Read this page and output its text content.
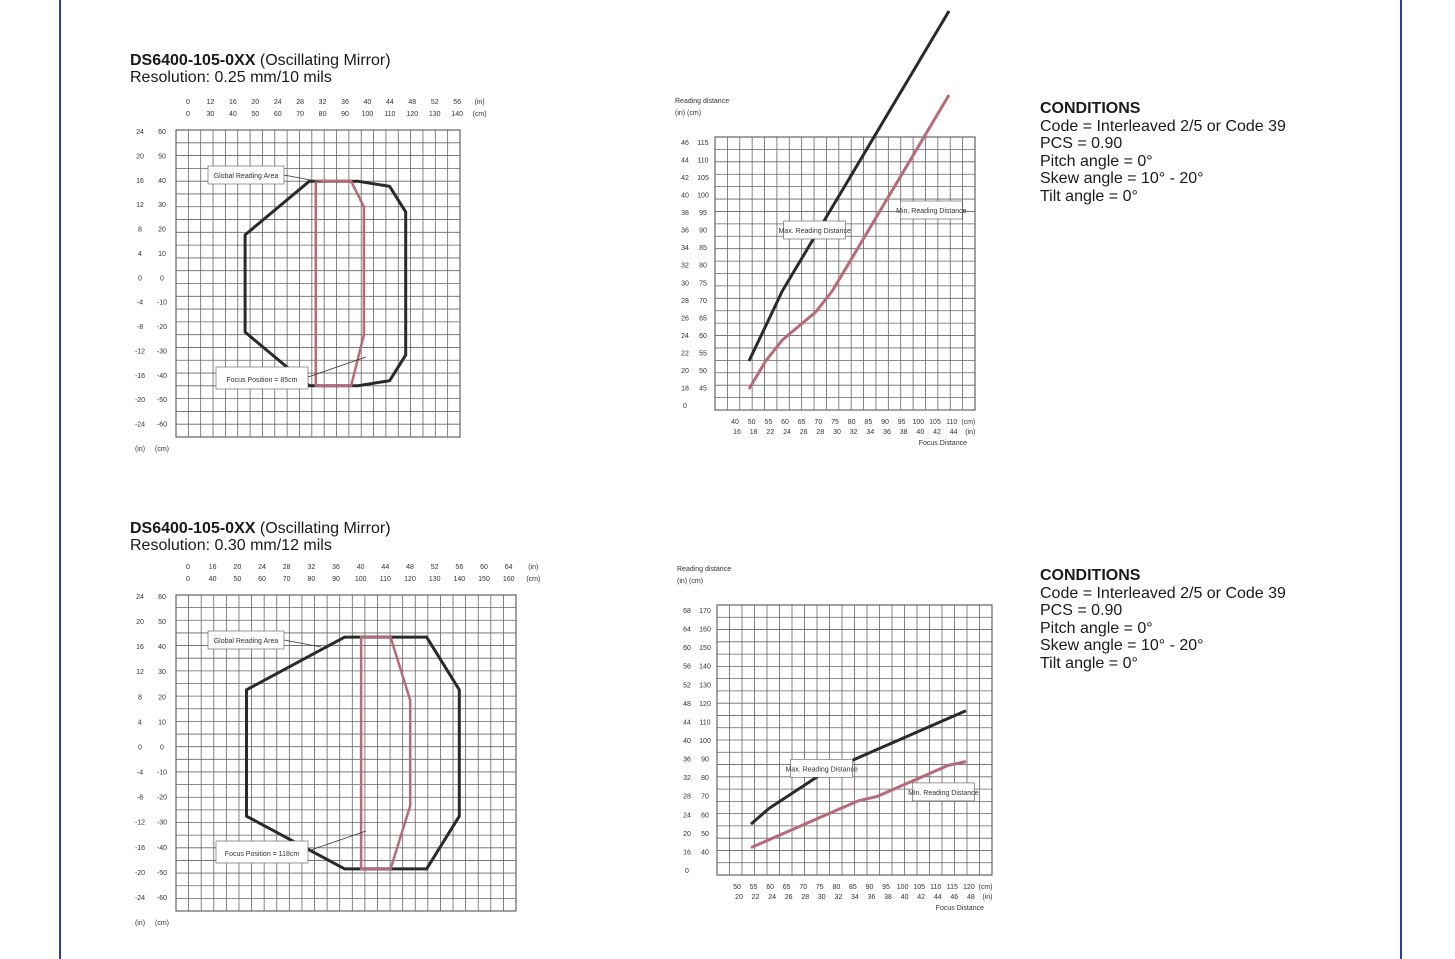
DS6400-105-0XX (Oscillating Mirror)
Resolution: 0.25 mm/10 mils
CONDITIONS
Code = Interleaved 2/5 or Code 39
PCS = 0.90
Pitch angle = 0°
Skew angle = 10° - 20°
Tilt angle = 0°
DS6400-105-0XX (Oscillating Mirror)
Resolution: 0.30 mm/12 mils
CONDITIONS
Code = Interleaved 2/5 or Code 39
PCS = 0.90
Pitch angle = 0°
Skew angle = 10° - 20°
Tilt angle = 0°
0 12 16 20 24 28 32 36 40 44 48 52 56 (in)
0 30 40 50 60 70 80 90 100 110 120 130 140 (cm)
24
20
16
12
8
4
0
-4
-8
-12
-16
-20
-24
(in)
60
50
40
30
20
10
0
-10
-20
-30
-40
-50
-60
(cm)
Global Reading Area
Focus Position = 85cm
Reading distance
(in) (cm)
46
44
42
40
38
36
34
32
30
28
26
24
22
20
18
0
115
110
105
100
95
90
85
80
75
70
65
60
55
50
45
40 50 55 60 65 70 75 80 85 90 95 100 105 110 (cm)
16 18 22 24 26 28 30 32 34 36 38 40 42 44 (in)
Focus Distance
Max. Reading Distance
Min. Reading Distance
0	16 20 24 28 32 36 40 44 48 52 56 60 64 (in)
0	40 50 60 70 80 90 100 110 120 130 140 150 160 (cm)
24
20
16
12
8
4
0
-4
-8
-12
-16
-20
-24
(in)
60
50
40
30
20
10
0
-10
-20
-30
-40
-50
-60
(cm)
Global Reading Area
Focus Position = 118cm
Reading distance
(in) (cm)
68
64
60
56
52
48
44
40
36
32
28
24
20
16
0
170
160
150
140
130
120
110
100
90
80
70
60
50
40
50 55 60 65 70 75 80 85 90 95 100 105 110 115 120 (cm)
20 22 24 26 28 30 32 34 36 38 40 42 44 46 48 (in)
Focus Distance
Max. Reading Distance
Min. Reading Distance
